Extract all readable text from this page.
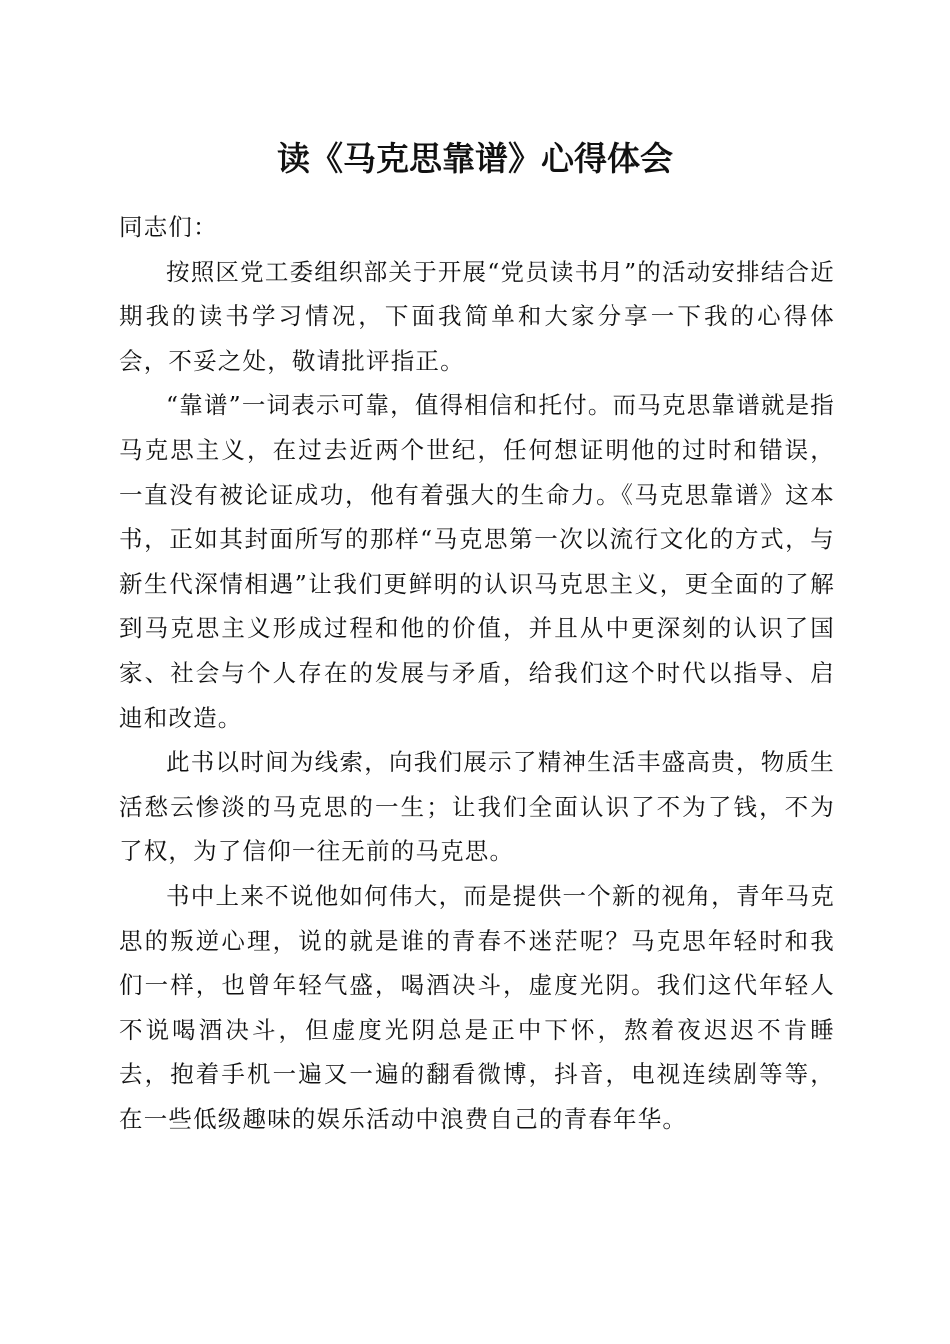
读《马克思靠谱》心得体会

同志们：

按照区党工委组织部关于开展“党员读书月”的活动安排结合近期我的读书学习情况，下面我简单和大家分享一下我的心得体会，不妥之处，敬请批评指正。

“靠谱”一词表示可靠，值得相信和托付。而马克思靠谱就是指马克思主义，在过去近两个世纪，任何想证明他的过时和错误，一直没有被论证成功，他有着强大的生命力。《马克思靠谱》这本书，正如其封面所写的那样“马克思第一次以流行文化的方式，与新生代深情相遇”让我们更鲜明的认识马克思主义，更全面的了解到马克思主义形成过程和他的价值，并且从中更深刻的认识了国家、社会与个人存在的发展与矛盾，给我们这个时代以指导、启迪和改造。

此书以时间为线索，向我们展示了精神生活丰盛高贵，物质生活愁云惨淡的马克思的一生；让我们全面认识了不为了钱，不为了权，为了信仰一往无前的马克思。

书中上来不说他如何伟大，而是提供一个新的视角，青年马克思的叛逆心理，说的就是谁的青春不迷茫呢？马克思年轻时和我们一样，也曾年轻气盛，喝酒决斗，虚度光阴。我们这代年轻人不说喝酒决斗，但虚度光阴总是正中下怀，熬着夜迟迟不肯睡去，抱着手机一遍又一遍的翻看微博，抖音，电视连续剧等等，在一些低级趣味的娱乐活动中浪费自己的青春年华。
